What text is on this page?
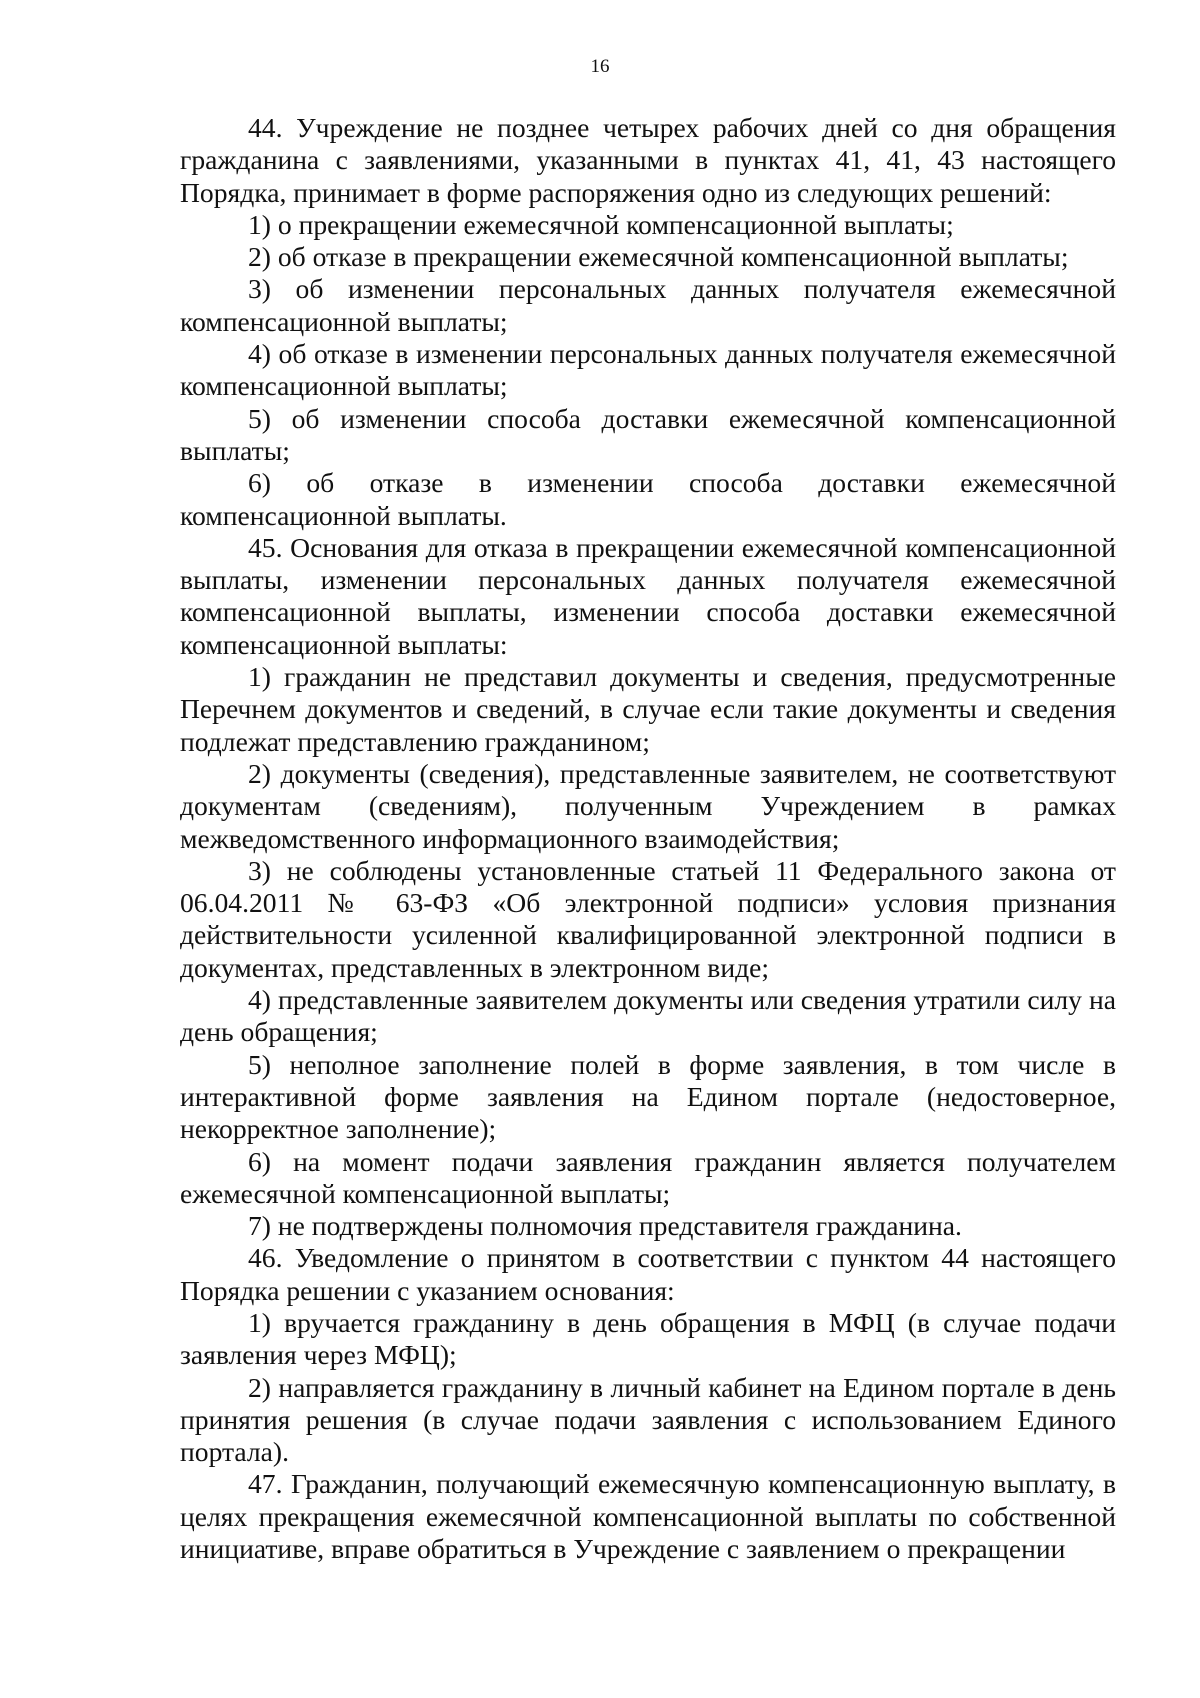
16

44. Учреждение не позднее четырех рабочих дней со дня обращения гражданина с заявлениями, указанными в пунктах 41, 41, 43 настоящего Порядка, принимает в форме распоряжения одно из следующих решений:

1) о прекращении ежемесячной компенсационной выплаты;

2) об отказе в прекращении ежемесячной компенсационной выплаты;

3) об изменении персональных данных получателя ежемесячной компенсационной выплаты;

4) об отказе в изменении персональных данных получателя ежемесячной компенсационной выплаты;

5) об изменении способа доставки ежемесячной компенсационной выплаты;

6) об отказе в изменении способа доставки ежемесячной компенсационной выплаты.

45. Основания для отказа в прекращении ежемесячной компенсационной выплаты, изменении персональных данных получателя ежемесячной компенсационной выплаты, изменении способа доставки ежемесячной компенсационной выплаты:

1) гражданин не представил документы и сведения, предусмотренные Перечнем документов и сведений, в случае если такие документы и сведения подлежат представлению гражданином;

2) документы (сведения), представленные заявителем, не соответствуют документам (сведениям), полученным Учреждением в рамках межведомственного информационного взаимодействия;

3) не соблюдены установленные статьей 11 Федерального закона от 06.04.2011 № 63-ФЗ «Об электронной подписи» условия признания действительности усиленной квалифицированной электронной подписи в документах, представленных в электронном виде;

4) представленные заявителем документы или сведения утратили силу на день обращения;

5) неполное заполнение полей в форме заявления, в том числе в интерактивной форме заявления на Едином портале (недостоверное, некорректное заполнение);

6) на момент подачи заявления гражданин является получателем ежемесячной компенсационной выплаты;

7) не подтверждены полномочия представителя гражданина.

46. Уведомление о принятом в соответствии с пунктом 44 настоящего Порядка решении с указанием основания:

1) вручается гражданину в день обращения в МФЦ (в случае подачи заявления через МФЦ);

2) направляется гражданину в личный кабинет на Едином портале в день принятия решения (в случае подачи заявления с использованием Единого портала).

47. Гражданин, получающий ежемесячную компенсационную выплату, в целях прекращения ежемесячной компенсационной выплаты по собственной инициативе, вправе обратиться в Учреждение с заявлением о прекращении
